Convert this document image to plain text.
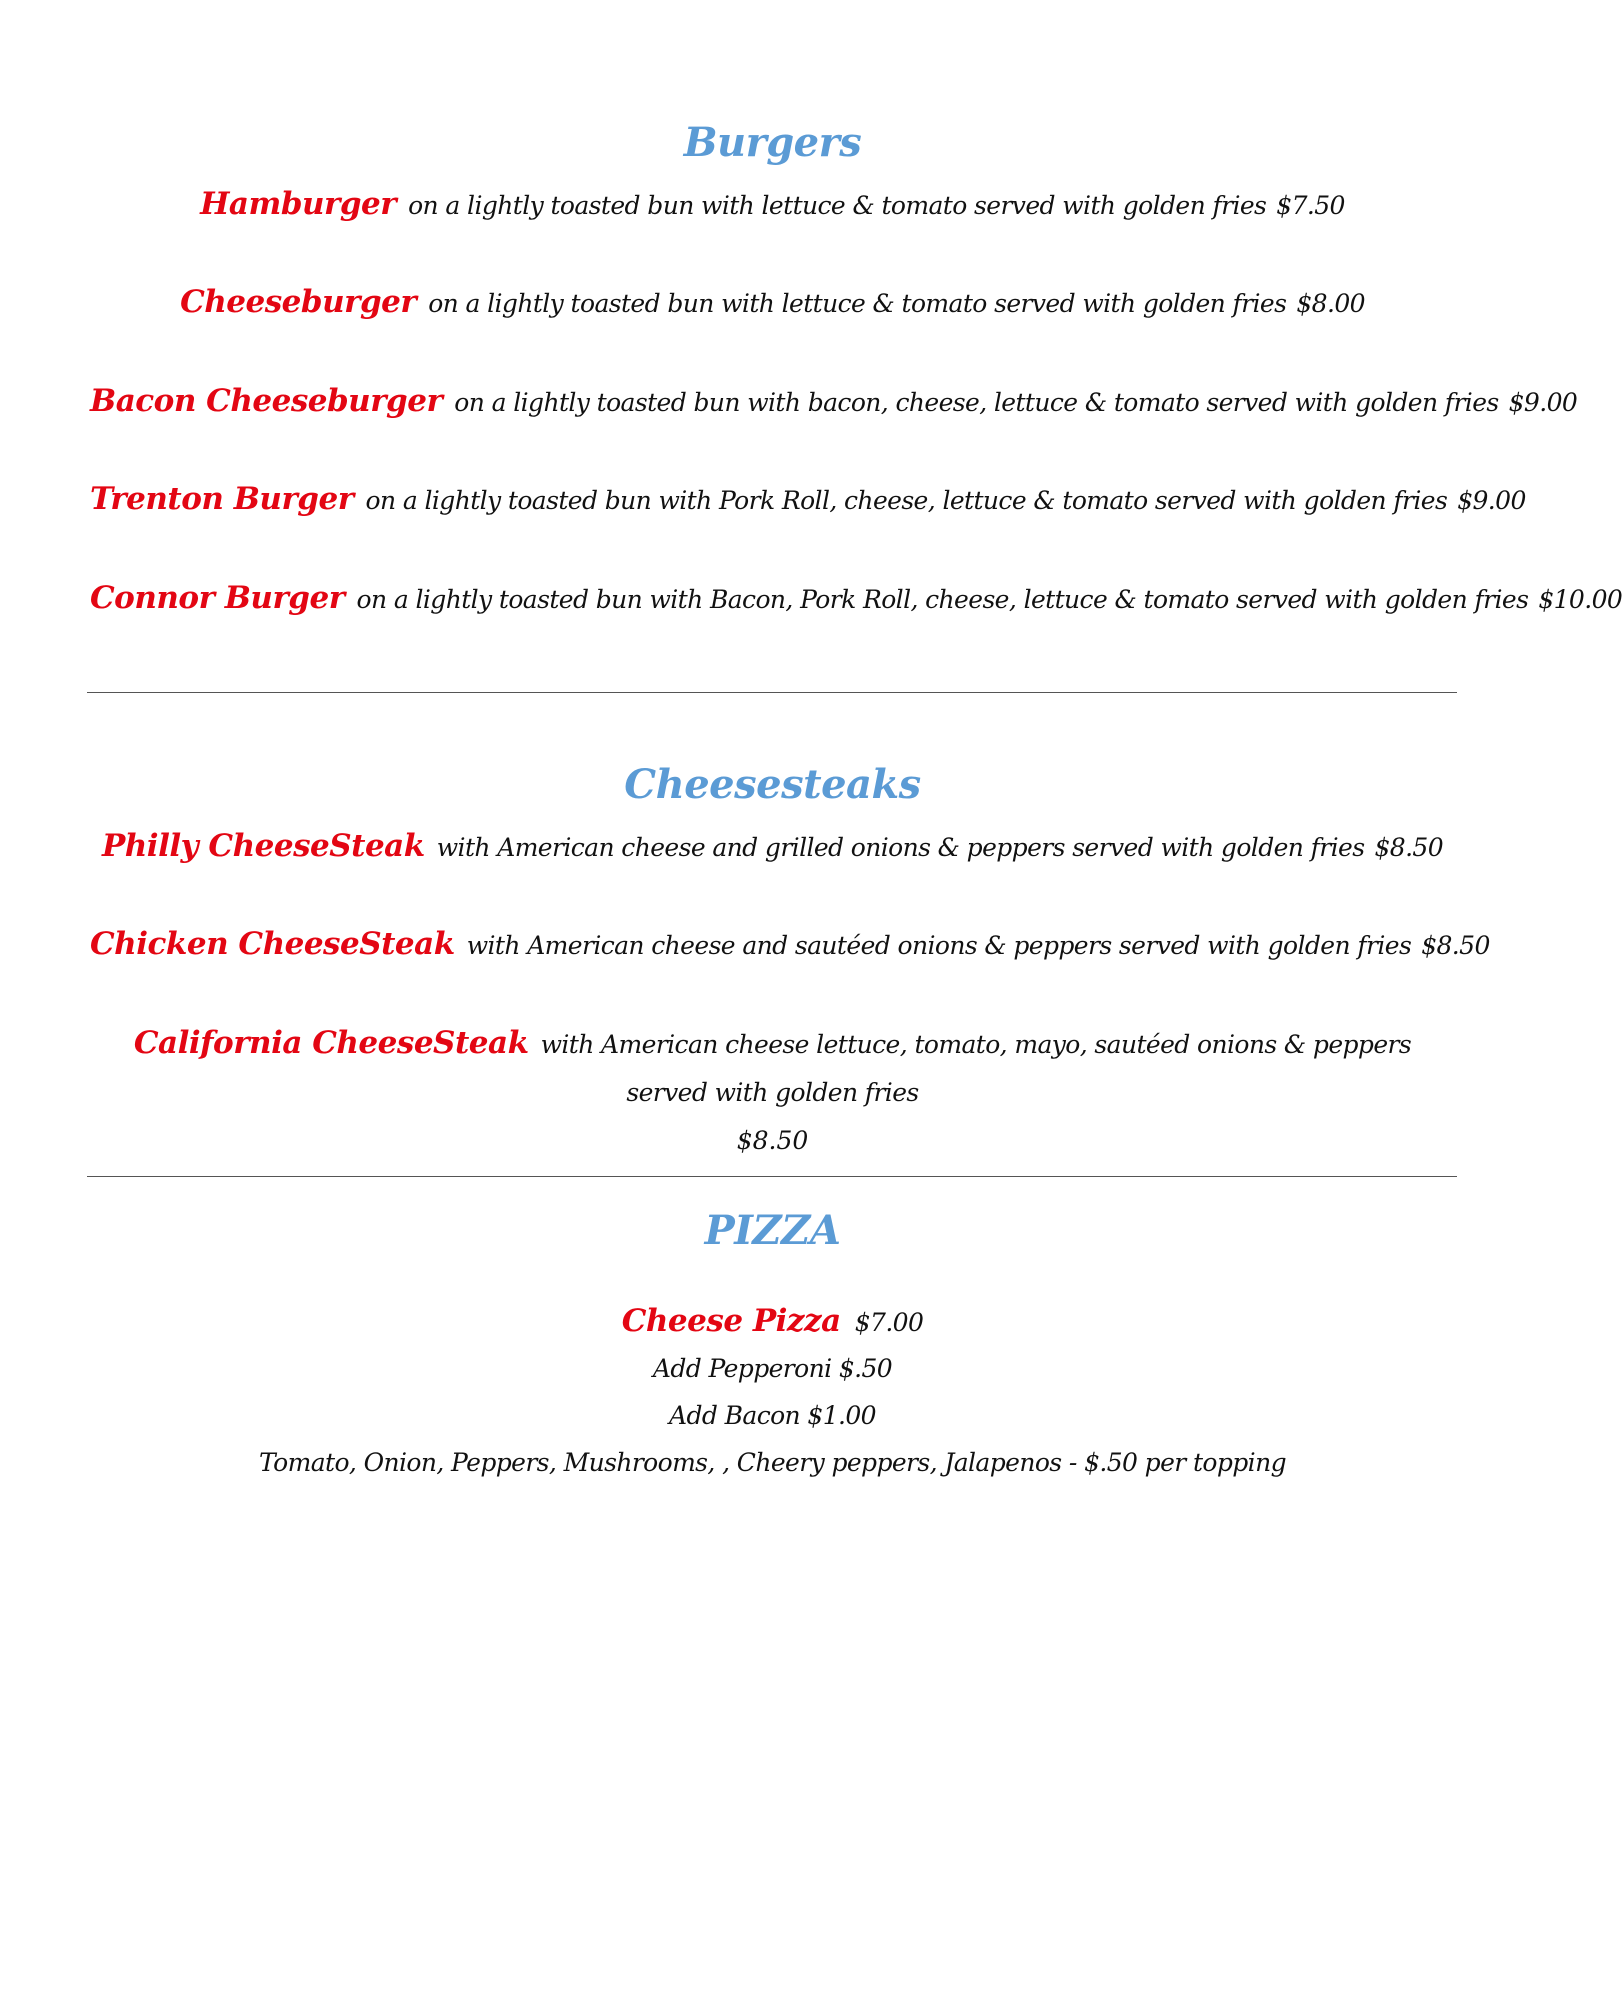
Burgers
Hamburger on a lightly toasted bun with lettuce & tomato served with golden fries $7.50
Cheeseburger on a lightly toasted bun with lettuce & tomato served with golden fries $8.00
Bacon Cheeseburger on a lightly toasted bun with bacon, cheese, lettuce & tomato served with golden fries $9.00
Trenton Burger on a lightly toasted bun with Pork Roll, cheese, lettuce & tomato served with golden fries $9.00
Connor Burger on a lightly toasted bun with Bacon, Pork Roll, cheese, lettuce & tomato served with golden fries $10.00
Cheesesteaks
Philly CheeseSteak with American cheese and grilled onions & peppers served with golden fries $8.50
Chicken CheeseSteak with American cheese and sautéed onions & peppers served with golden fries $8.50
California CheeseSteak with American cheese lettuce, tomato, mayo, sautéed onions & peppers served with golden fries
$8.50
PIZZA
Cheese Pizza $7.00
Add Pepperoni $.50
Add Bacon $1.00
Tomato, Onion, Peppers, Mushrooms, , Cheery peppers, Jalapenos - $.50 per topping
